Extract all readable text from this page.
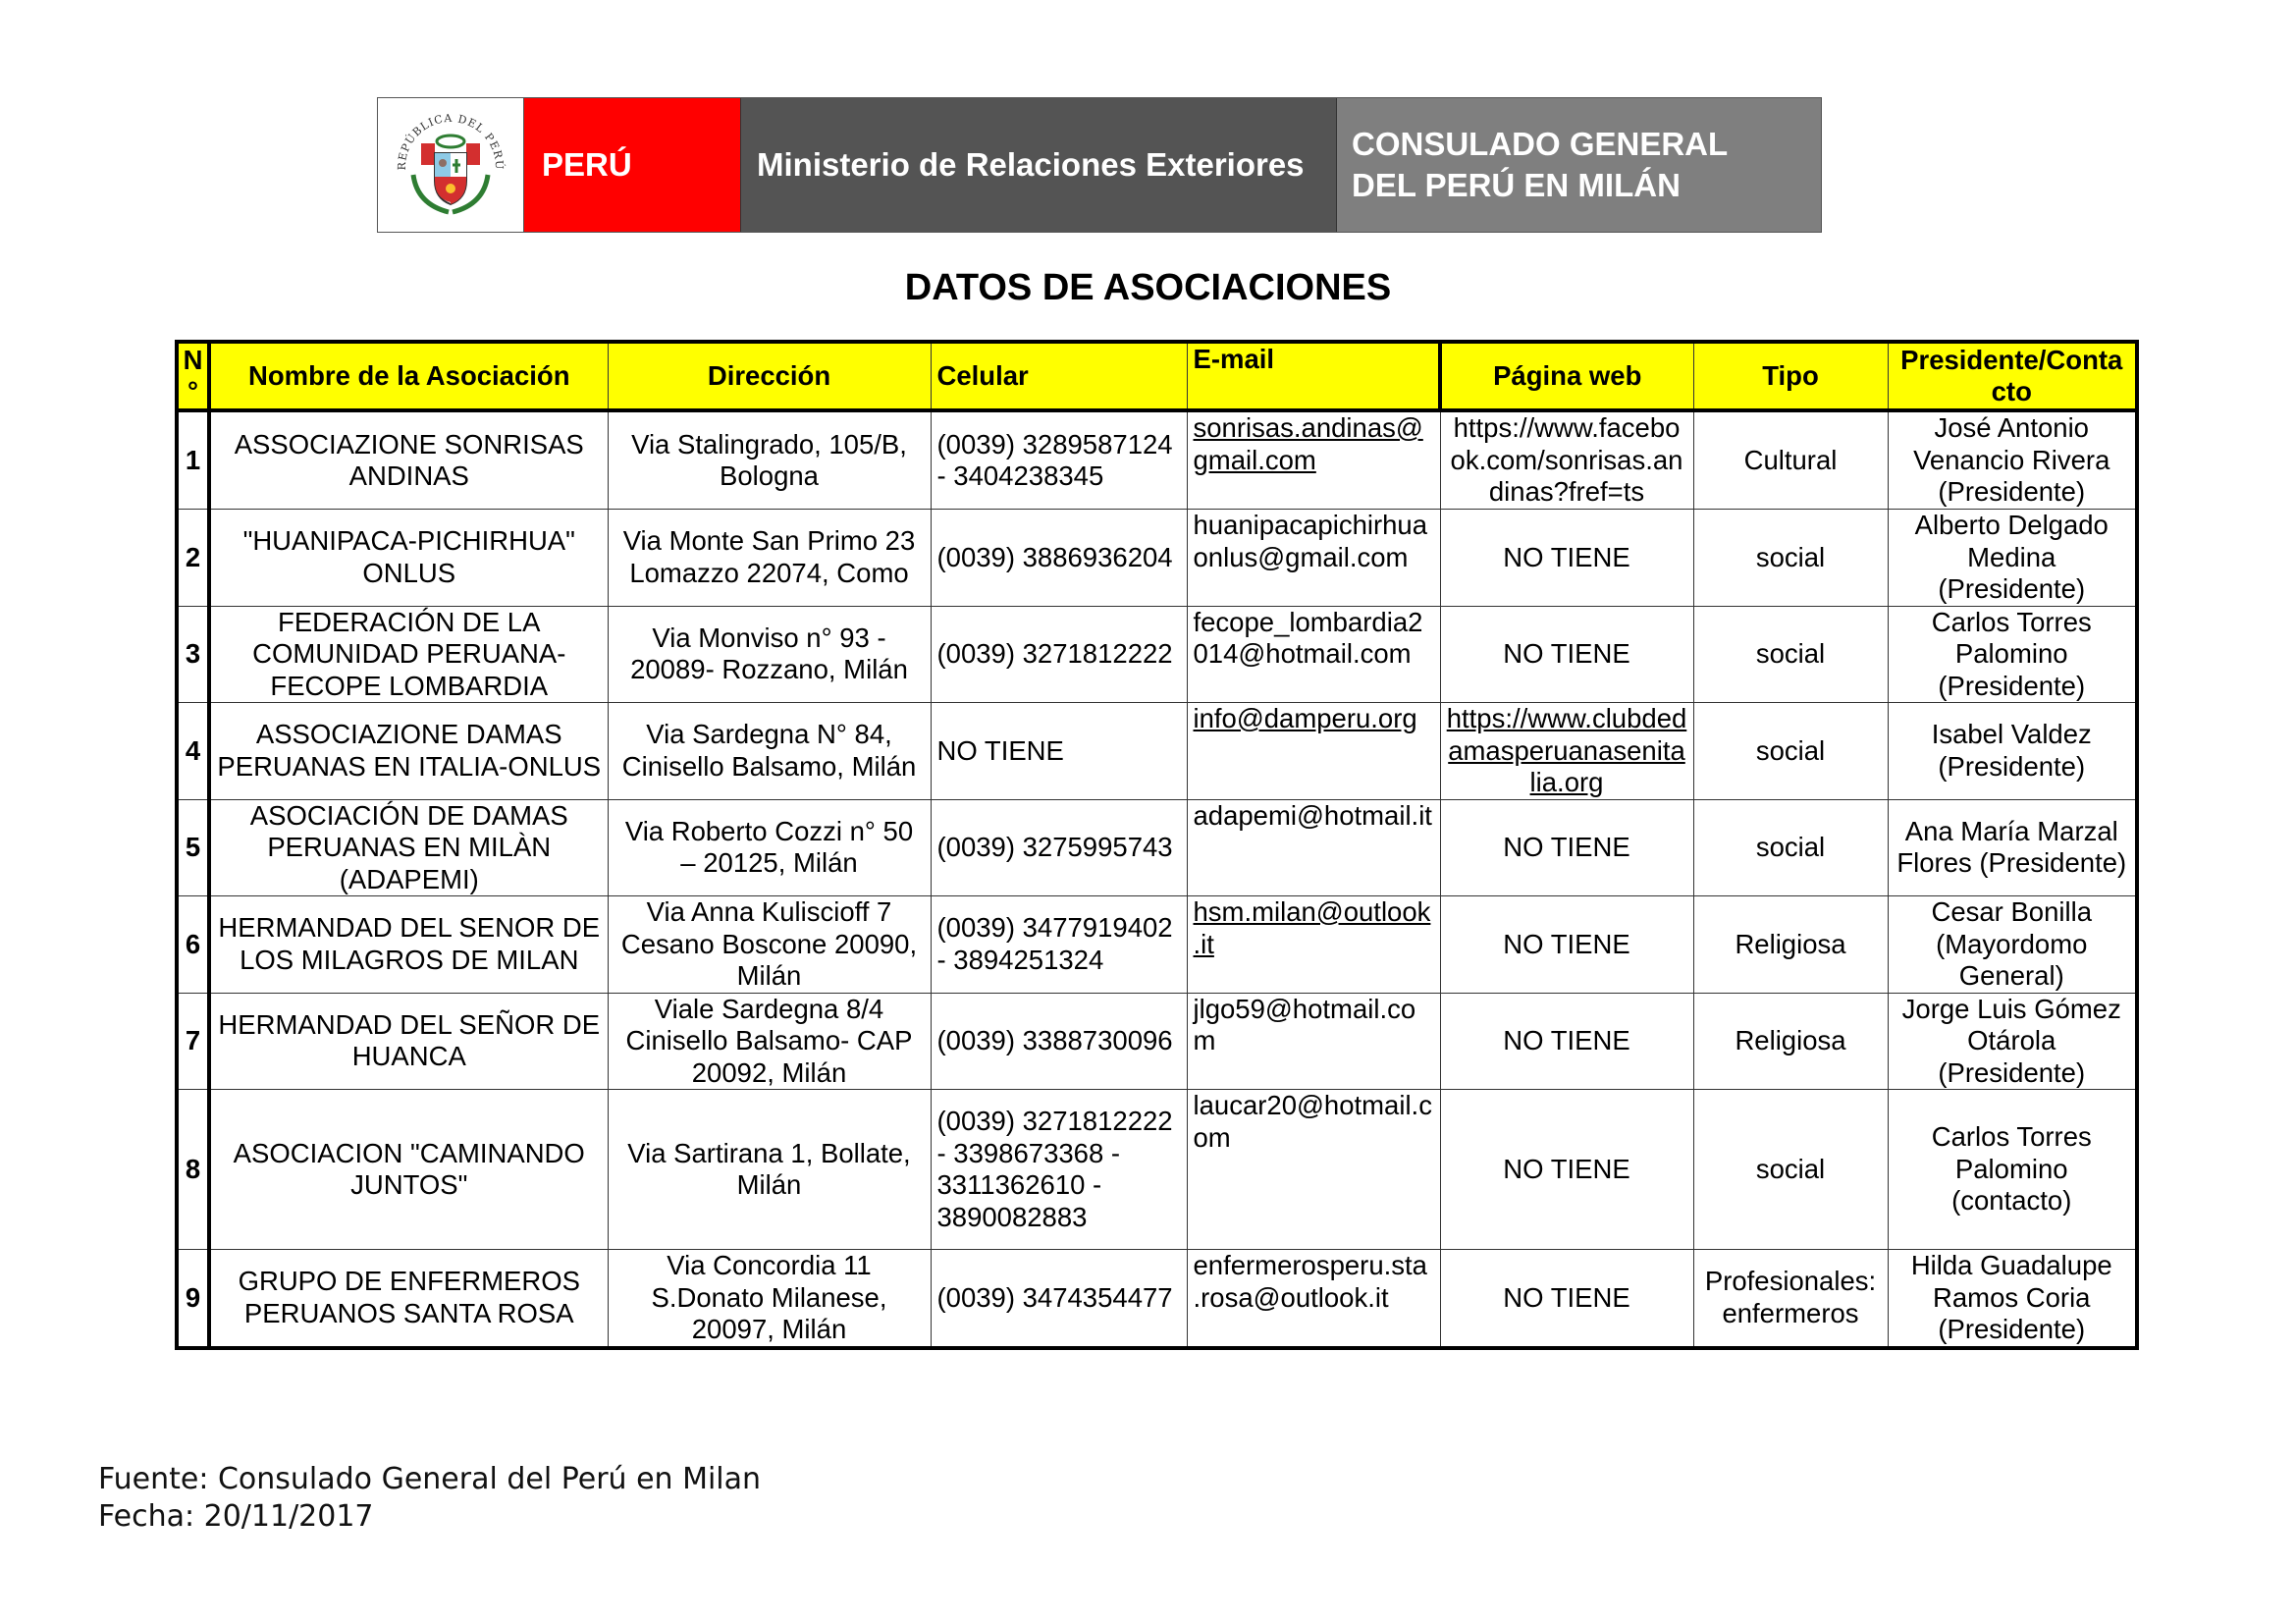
REPÚBLICA DEL PERÚ	PERÚ	Ministerio de Relaciones Exteriores
CONSULADO GENERAL
DEL PERÚ EN MILÁN
DATOS DE ASOCIACIONES
N°	Nombre de la Asociación	Dirección	Celular	E-mail	Página web	Tipo	Presidente/Contacto
1	ASSOCIAZIONE SONRISAS ANDINAS	Via Stalingrado, 105/B, Bologna	(0039) 3289587124 - 3404238345	sonrisas.andinas@gmail.com	https://www.facebook.com/sonrisas.andinas?fref=ts	Cultural	José Antonio Venancio Rivera (Presidente)
2	"HUANIPACA-PICHIRHUA" ONLUS	Via Monte San Primo 23 Lomazzo 22074, Como	(0039) 3886936204	huanipacapichirhuaonlus@gmail.com	NO TIENE	social	Alberto Delgado Medina (Presidente)
3	FEDERACIÓN DE LA COMUNIDAD PERUANA-FECOPE LOMBARDIA	Via Monviso n° 93 - 20089- Rozzano, Milán	(0039) 3271812222	fecope_lombardia2014@hotmail.com	NO TIENE	social	Carlos Torres Palomino (Presidente)
4	ASSOCIAZIONE DAMAS PERUANAS EN ITALIA-ONLUS	Via Sardegna N° 84, Cinisello Balsamo, Milán	NO TIENE	info@damperu.org	https://www.clubdedamasperuanasenitalia.org	social	Isabel Valdez (Presidente)
5	ASOCIACIÓN DE DAMAS PERUANAS EN MILÀN (ADAPEMI)	Via Roberto Cozzi n° 50 – 20125, Milán	(0039) 3275995743	adapemi@hotmail.it	NO TIENE	social	Ana María Marzal Flores (Presidente)
6	HERMANDAD DEL SENOR DE LOS MILAGROS DE MILAN	Via Anna Kuliscioff 7 Cesano Boscone 20090, Milán	(0039) 3477919402 - 3894251324	hsm.milan@outlook.it	NO TIENE	Religiosa	Cesar Bonilla (Mayordomo General)
7	HERMANDAD DEL SEÑOR DE HUANCA	Viale Sardegna 8/4 Cinisello Balsamo- CAP 20092, Milán	(0039) 3388730096	jlgo59@hotmail.com	NO TIENE	Religiosa	Jorge Luis Gómez Otárola (Presidente)
8	ASOCIACION "CAMINANDO JUNTOS"	Via Sartirana 1, Bollate, Milán	(0039) 3271812222 - 3398673368 - 3311362610 - 3890082883	laucar20@hotmail.com	NO TIENE	social	Carlos Torres Palomino (contacto)
9	GRUPO DE ENFERMEROS PERUANOS SANTA ROSA	Via Concordia 11 S.Donato Milanese, 20097, Milán	(0039) 3474354477	enfermerosperu.sta.rosa@outlook.it	NO TIENE	Profesionales: enfermeros	Hilda Guadalupe Ramos Coria (Presidente)
Fuente: Consulado General del Perú en Milan
Fecha: 20/11/2017
